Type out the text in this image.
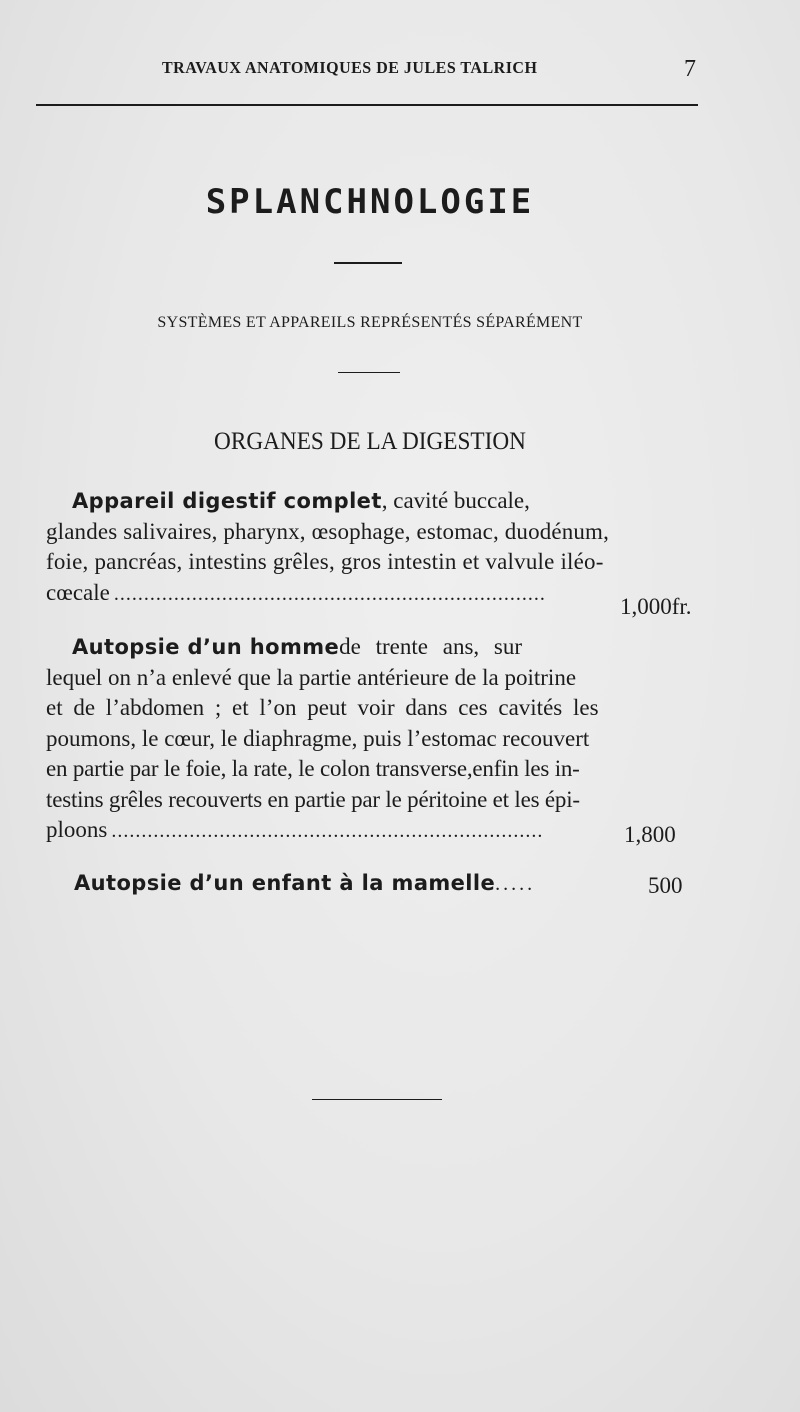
TRAVAUX ANATOMIQUES DE JULES TALRICH	7
SPLANCHNOLOGIE
SYSTÈMES ET APPAREILS REPRÉSENTÉS SÉPARÉMENT
ORGANES DE LA DIGESTION
Appareil digestif complet, cavité buccale,
glandes salivaires, pharynx, œsophage, estomac, duodénum,
foie, pancréas, intestins grêles, gros intestin et valvule iléo-
cœcale
. . .
1,000fr.
Autopsie d’un homme de trente ans, sur
lequel on n’a enlevé que la partie antérieure de la poitrine
et de l’abdomen ; et l’on peut voir dans ces cavités les
poumons, le cœur, le diaphragme, puis l’estomac recouvert
en partie par le foie, la rate, le colon transverse,enfin les in-
testins grêles recouverts en partie par le péritoine et les épi-
ploons
. . .	1,800
Autopsie d’un enfant à la mamelle .....	500
